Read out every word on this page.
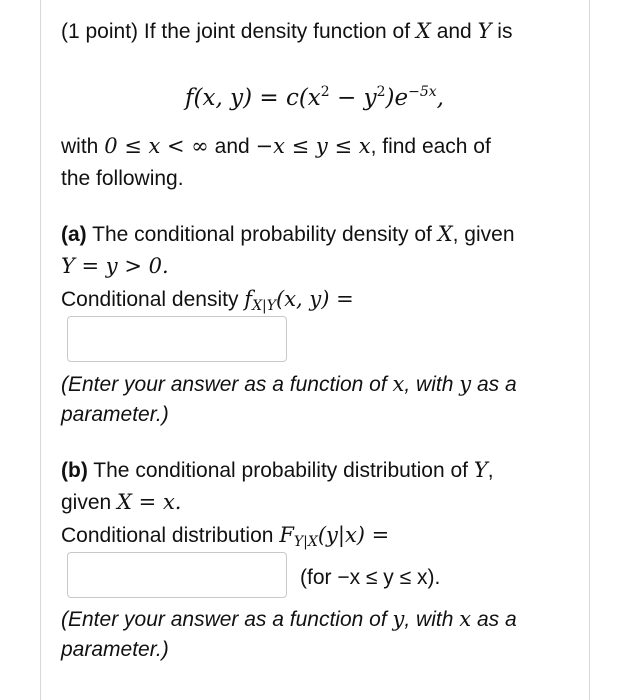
(1 point) If the joint density function of X and Y is
f(x, $y) = c(x^2 - y^2)e^{-5x}$,
with 0 ≤ x < ∞ and −x ≤ y ≤ x, find each of
the following.
(a) The conditional probability density of X, given
Y = y > 0.
Conditional density $f_{X|Y}(x$, y) =
(Enter your answer as a function of x, with y as a
parameter.)
(b) The conditional probability distribution of Y,
given X = x.
Conditional distribution $F_{Y|X}(y|x)$ =
(for −x ≤ y ≤ x).
(Enter your answer as a function of y, with x as a
parameter.)
